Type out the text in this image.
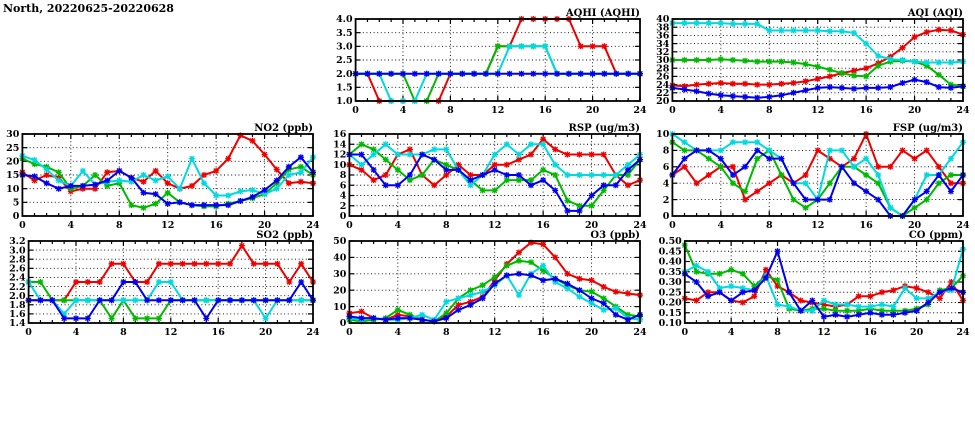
North, 20220625-20220628
1.0
1.5
2.0
2.5
3.0
3.5
4.0
0	4	8	12	16	20	24
AQHI (AQHI)
20
22
24
26
28
30
32
34
36
38
40
0	4	8	12	16	20	24
AQI (AQI)
0
5
10
15
20
25
30
0	4	8	12	16	20	24
NO2 (ppb)
0
2
4
6
8
10
12
14
16
0	4	8	12	16	20	24
RSP (ug/m3)
0
2
4
6
8
10
0	4	8	12	16	20	24
FSP (ug/m3)
1.4
1.6
1.8
2.0
2.2
2.4
2.6
2.8
3.0
3.2
0	4	8	12	16	20	24
SO2 (ppb)
0
10
20
30
40
50
0	4	8	12	16	20	24
O3 (ppb)
0.10
0.15
0.20
0.25
0.30
0.35
0.40
0.45
0.50
0	4	8	12	16	20	24
CO (ppm)
